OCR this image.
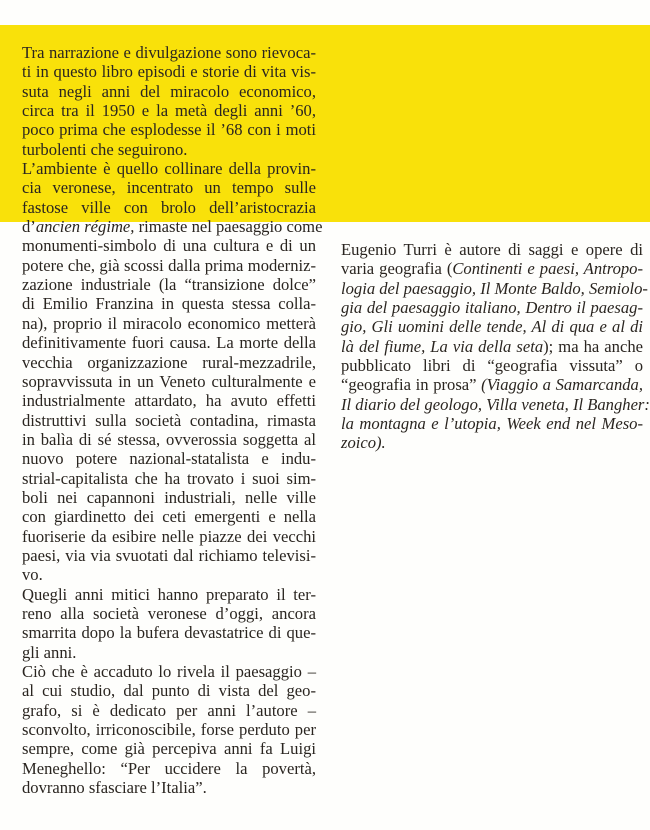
Tra narrazione e divulgazione sono rievoca-
ti in questo libro episodi e storie di vita vis-
suta negli anni del miracolo economico,
circa tra il 1950 e la metà degli anni ’60,
poco prima che esplodesse il ’68 con i moti
turbolenti che seguirono.
L’ambiente è quello collinare della provin-
cia veronese, incentrato un tempo sulle
fastose ville con brolo dell’aristocrazia
d’ancien régime, rimaste nel paesaggio come
monumenti-simbolo di una cultura e di un
potere che, già scossi dalla prima moderniz-
zazione industriale (la “transizione dolce”
di Emilio Franzina in questa stessa colla-
na), proprio il miracolo economico metterà
definitivamente fuori causa. La morte della
vecchia organizzazione rural-mezzadrile,
sopravvissuta in un Veneto culturalmente e
industrialmente attardato, ha avuto effetti
distruttivi sulla società contadina, rimasta
in balìa di sé stessa, ovverossia soggetta al
nuovo potere nazional-statalista e indu-
strial-capitalista che ha trovato i suoi sim-
boli nei capannoni industriali, nelle ville
con giardinetto dei ceti emergenti e nella
fuoriserie da esibire nelle piazze dei vecchi
paesi, via via svuotati dal richiamo televisi-
vo.
Quegli anni mitici hanno preparato il ter-
reno alla società veronese d’oggi, ancora
smarrita dopo la bufera devastatrice di que-
gli anni.
Ciò che è accaduto lo rivela il paesaggio –
al cui studio, dal punto di vista del geo-
grafo, si è dedicato per anni l’autore –
sconvolto, irriconoscibile, forse perduto per
sempre, come già percepiva anni fa Luigi
Meneghello: “Per uccidere la povertà,
dovranno sfasciare l’Italia”.
Eugenio Turri è autore di saggi e opere di
varia geografia (Continenti e paesi, Antropo-
logia del paesaggio, Il Monte Baldo, Semiolo-
gia del paesaggio italiano, Dentro il paesag-
gio, Gli uomini delle tende, Al di qua e al di
là del fiume, La via della seta); ma ha anche
pubblicato libri di “geografia vissuta” o
“geografia in prosa” (Viaggio a Samarcanda,
Il diario del geologo, Villa veneta, Il Bangher:
la montagna e l’utopia, Week end nel Meso-
zoico).
